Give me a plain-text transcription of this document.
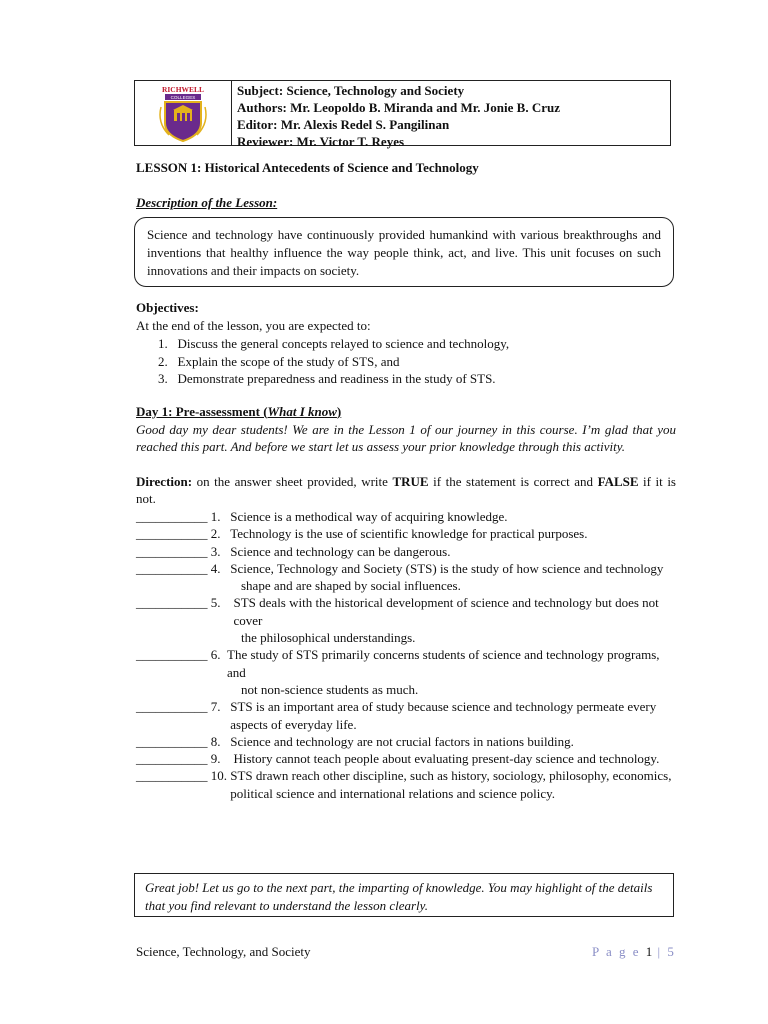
RICHWELL
COLLEGES	Subject: Science, Technology and Society
Authors: Mr. Leopoldo B. Miranda and Mr. Jonie B. Cruz
Editor: Mr. Alexis Redel S. Pangilinan
Reviewer: Mr. Victor T. Reyes
LESSON 1: Historical Antecedents of Science and Technology
Description of the Lesson:
Science and technology have continuously provided humankind with various breakthroughs and inventions that healthy influence the way people think, act, and live. This unit focuses on such innovations and their impacts on society.
Objectives:
At the end of the lesson, you are expected to:
1.   Discuss the general concepts relayed to science and technology,
2.   Explain the scope of the study of STS, and
3.   Demonstrate preparedness and readiness in the study of STS.
Day 1: Pre-assessment (What I know)
Good day my dear students! We are in the Lesson 1 of our journey in this course. I’m glad that you reached this part. And before we start let us assess your prior knowledge through this activity.
Direction: on the answer sheet provided, write TRUE if the statement is correct and FALSE if it is not.
___________ 1. Science is a methodical way of acquiring knowledge.
___________ 2. Technology is the use of scientific knowledge for practical purposes.
___________ 3. Science and technology can be dangerous.
___________ 4. Science, Technology and Society (STS) is the study of how science and technology
shape and are shaped by social influences.
___________ 5. STS deals with the historical development of science and technology but does not cover
the philosophical understandings.
___________ 6. The study of STS primarily concerns students of science and technology programs, and
not non-science students as much.
___________ 7. STS is an important area of study because science and technology permeate every aspects of everyday life.
___________ 8. Science and technology are not crucial factors in nations building.
___________ 9. History cannot teach people about evaluating present-day science and technology.
___________ 10. STS drawn reach other discipline, such as history, sociology, philosophy, economics, political science and international relations and science policy.
Great job! Let us go to the next part, the imparting of knowledge. You may highlight of the details that you find relevant to understand the lesson clearly.
Science, Technology, and Society	P a g e 1 | 5
